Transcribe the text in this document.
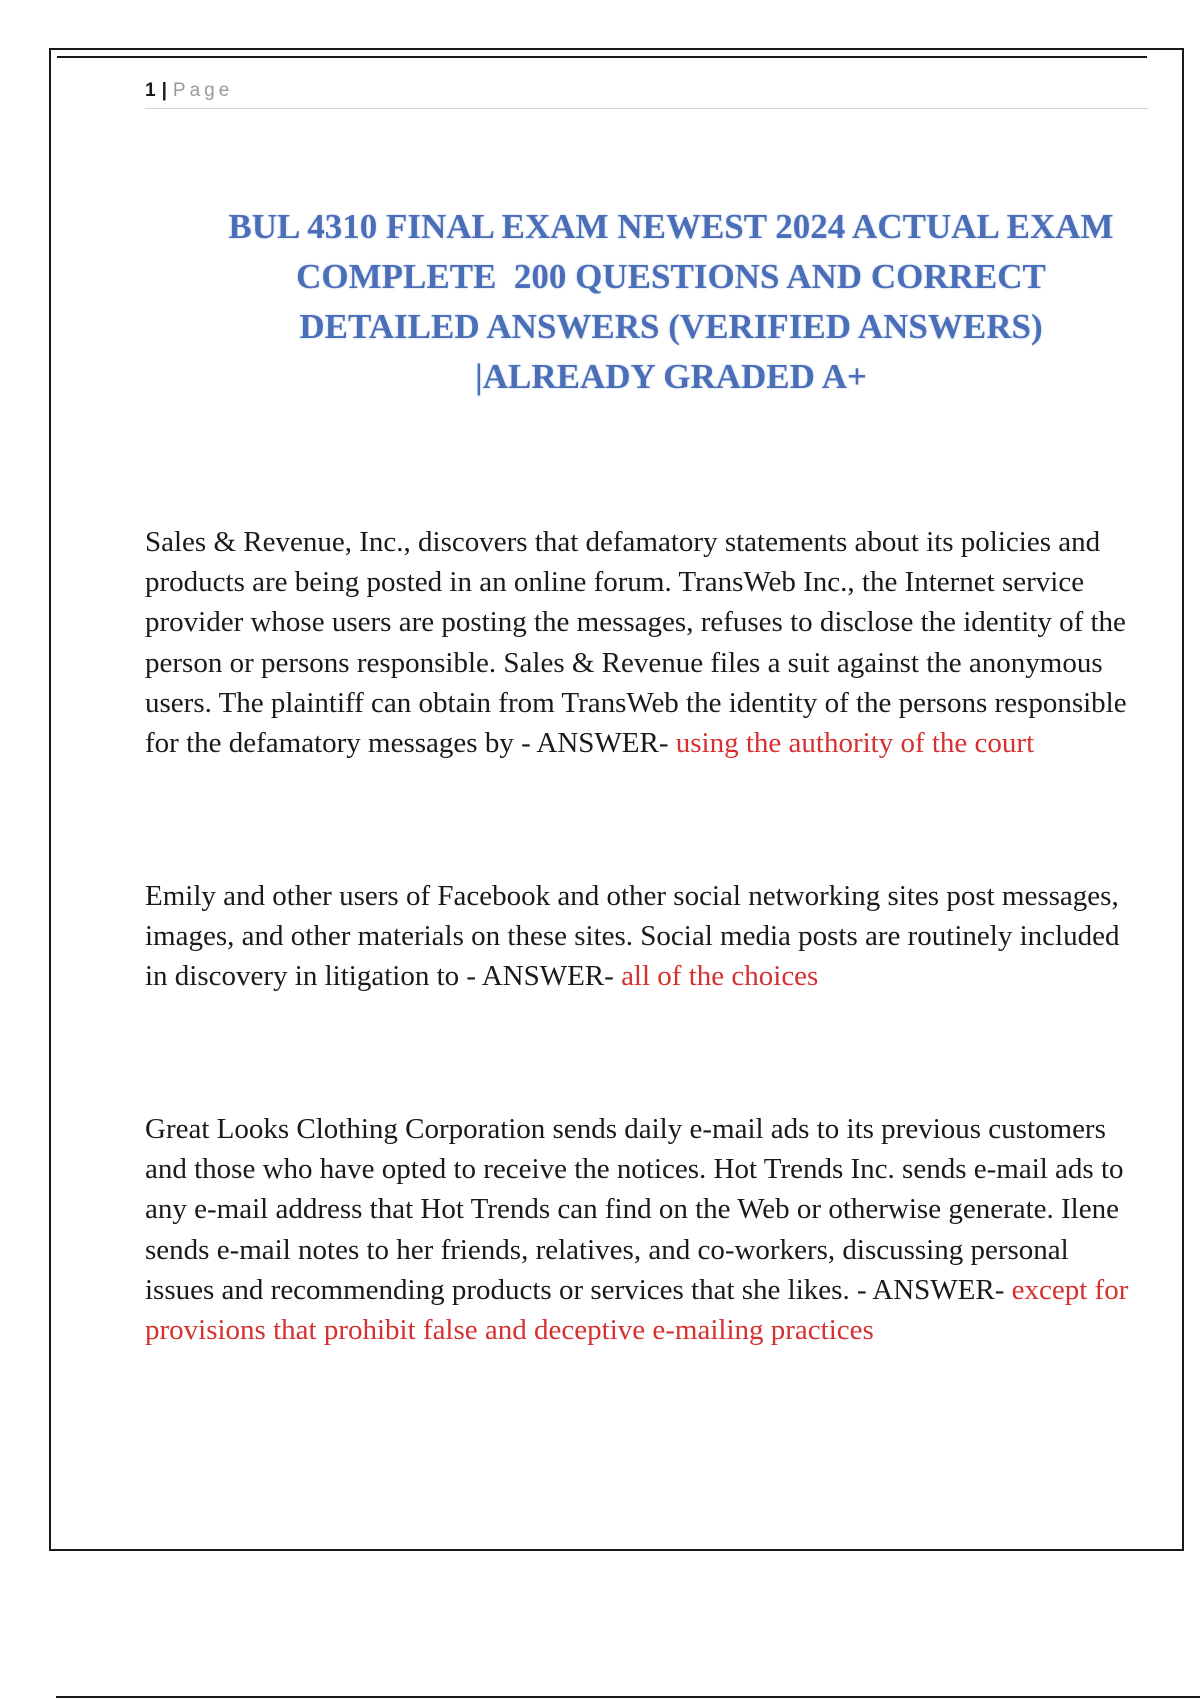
1 | Page
BUL 4310 FINAL EXAM NEWEST 2024 ACTUAL EXAM
COMPLETE  200 QUESTIONS AND CORRECT
DETAILED ANSWERS (VERIFIED ANSWERS)
|ALREADY GRADED A+

Sales & Revenue, Inc., discovers that defamatory statements about its policies and products are being posted in an online forum. TransWeb Inc., the Internet service provider whose users are posting the messages, refuses to disclose the identity of the person or persons responsible. Sales & Revenue files a suit against the anonymous users. The plaintiff can obtain from TransWeb the identity of the persons responsible for the defamatory messages by - ANSWER- using the authority of the court

Emily and other users of Facebook and other social networking sites post messages, images, and other materials on these sites. Social media posts are routinely included in discovery in litigation to - ANSWER- all of the choices

Great Looks Clothing Corporation sends daily e-mail ads to its previous customers and those who have opted to receive the notices. Hot Trends Inc. sends e-mail ads to any e-mail address that Hot Trends can find on the Web or otherwise generate. Ilene sends e-mail notes to her friends, relatives, and co-workers, discussing personal issues and recommending products or services that she likes. - ANSWER- except for provisions that prohibit false and deceptive e-mailing practices
